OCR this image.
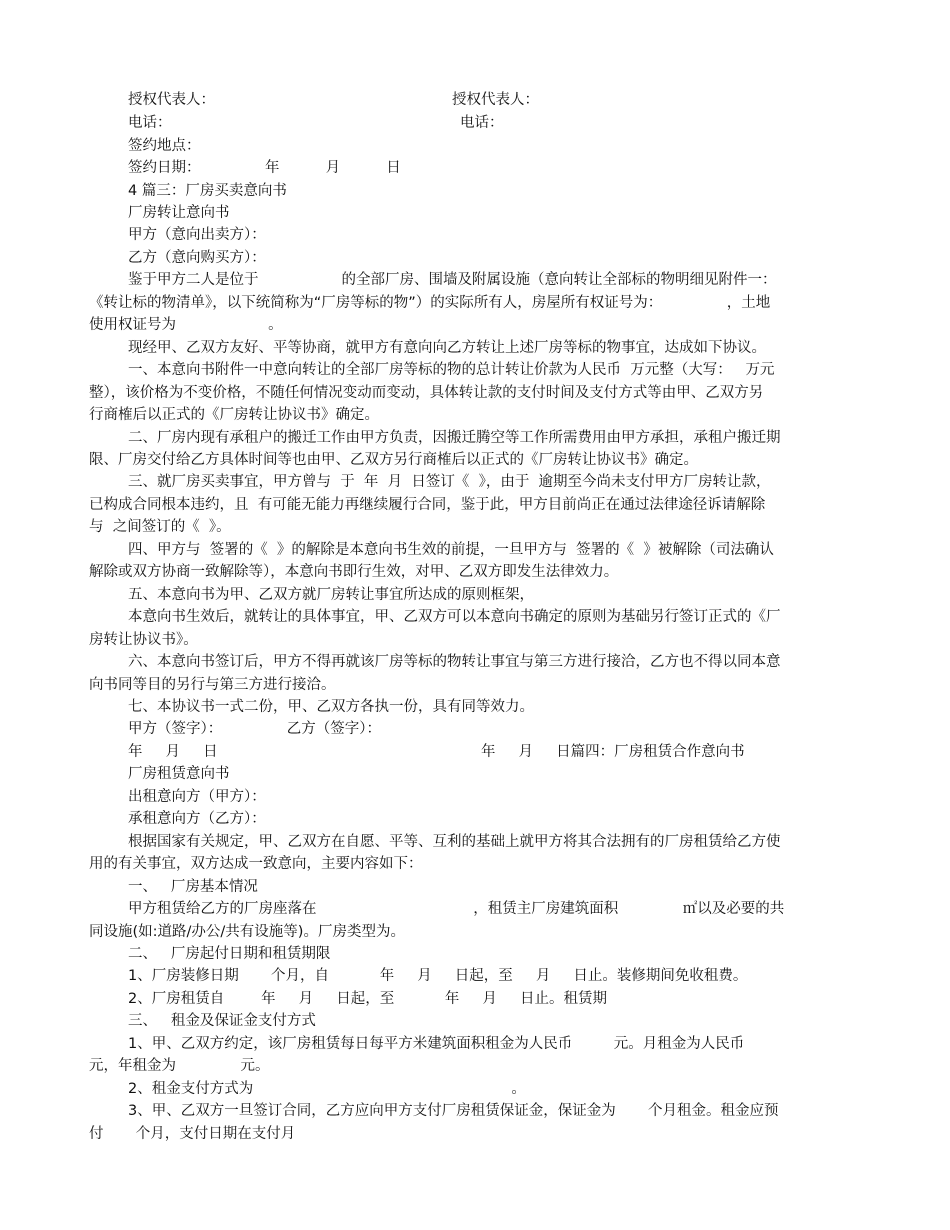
授权代表人：	授权代表人：
电话：	电话：
签约地点：
签约日期：              年          月          日
4 篇三：厂房买卖意向书
厂房转让意向书
甲方（意向出卖方）：
乙方（意向购买方）：
鉴于甲方二人是位于                  的全部厂房、围墙及附属设施（意向转让全部标的物明细见附件一：
《转让标的物清单》，以下统简称为“厂房等标的物”）的实际所有人，房屋所有权证号为：              ，土地
使用权证号为                    。
现经甲、乙双方友好、平等协商，就甲方有意向向乙方转让上述厂房等标的物事宜，达成如下协议。
一、本意向书附件一中意向转让的全部厂房等标的物的总计转让价款为人民币  万元整（大写：   万元
整），该价格为不变价格，不随任何情况变动而变动，具体转让款的支付时间及支付方式等由甲、乙双方另
行商榷后以正式的《厂房转让协议书》确定。
二、厂房内现有承租户的搬迁工作由甲方负责，因搬迁腾空等工作所需费用由甲方承担，承租户搬迁期
限、厂房交付给乙方具体时间等也由甲、乙双方另行商榷后以正式的《厂房转让协议书》确定。
三、就厂房买卖事宜，甲方曾与  于  年  月  日签订《  》，由于  逾期至今尚未支付甲方厂房转让款，
已构成合同根本违约，且  有可能无能力再继续履行合同，鉴于此，甲方目前尚正在通过法律途径诉请解除
与  之间签订的《  》。
四、甲方与  签署的《  》的解除是本意向书生效的前提，一旦甲方与  签署的《  》被解除（司法确认
解除或双方协商一致解除等），本意向书即行生效，对甲、乙双方即发生法律效力。
五、本意向书为甲、乙双方就厂房转让事宜所达成的原则框架，
本意向书生效后，就转让的具体事宜，甲、乙双方可以本意向书确定的原则为基础另行签订正式的《厂
房转让协议书》。
六、本意向书签订后，甲方不得再就该厂房等标的物转让事宜与第三方进行接洽，乙方也不得以同本意
向书同等目的另行与第三方进行接洽。
七、本协议书一式二份，甲、乙双方各执一份，具有同等效力。
甲方（签字）：              乙方（签字）：
年     月     日	年     月     日篇四：厂房租赁合作意向书
厂房租赁意向书
出租意向方（甲方）：
承租意向方（乙方）：
根据国家有关规定，甲、乙双方在自愿、平等、互利的基础上就甲方将其合法拥有的厂房租赁给乙方使
用的有关事宜，双方达成一致意向，主要内容如下：
一、   厂房基本情况
甲方租赁给乙方的厂房座落在                                  ，租赁主厂房建筑面积              ㎡以及必要的共
同设施(如:道路/办公/共有设施等)。厂房类型为。
二、   厂房起付日期和租赁期限
1、厂房装修日期       个月，自           年     月     日起，至     月     日止。装修期间免收租费。
2、厂房租赁自        年     月     日起，至           年     月     日止。租赁期
三、   租金及保证金支付方式
1、甲、乙双方约定，该厂房租赁每日每平方米建筑面积租金为人民币         元。月租金为人民币
元，年租金为              元。
2、租金支付方式为                                                        。
3、甲、乙双方一旦签订合同，乙方应向甲方支付厂房租赁保证金，保证金为       个月租金。租金应预
付       个月，支付日期在支付月
